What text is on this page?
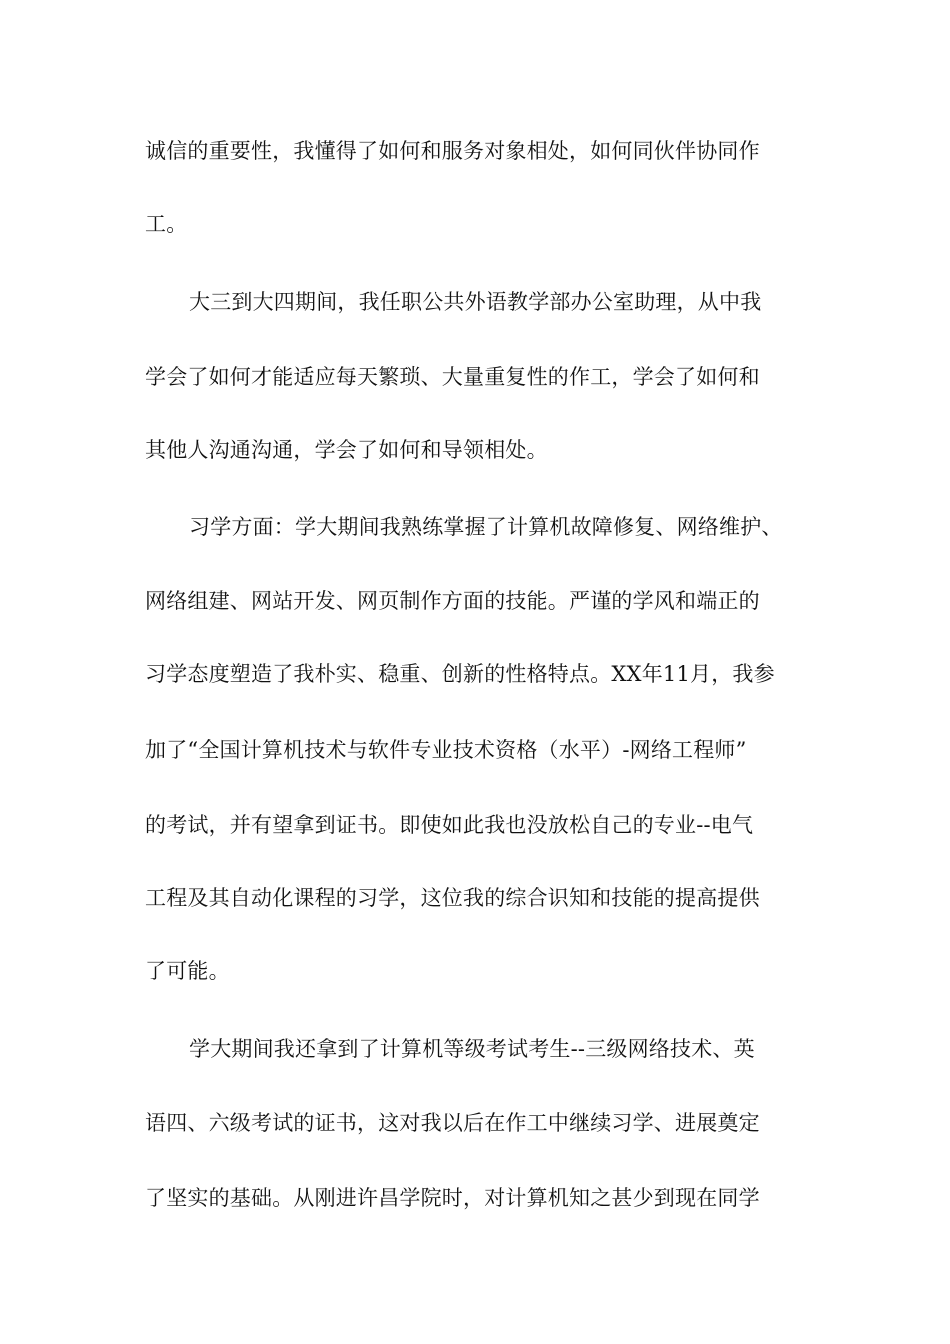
诚信的重要性，我懂得了如何和服务对象相处，如何同伙伴协同作
工。
大三到大四期间，我任职公共外语教学部办公室助理，从中我
学会了如何才能适应每天繁琐、大量重复性的作工，学会了如何和
其他人沟通沟通，学会了如何和导领相处。
习学方面：学大期间我熟练掌握了计算机故障修复、网络维护、
网络组建、网站开发、网页制作方面的技能。严谨的学风和端正的
习学态度塑造了我朴实、稳重、创新的性格特点。XX年11月，我参
加了“全国计算机技术与软件专业技术资格（水平）-网络工程师”
的考试，并有望拿到证书。即使如此我也没放松自己的专业--电气
工程及其自动化课程的习学，这位我的综合识知和技能的提高提供
了可能。
学大期间我还拿到了计算机等级考试考生--三级网络技术、英
语四、六级考试的证书，这对我以后在作工中继续习学、进展奠定
了坚实的基础。从刚进许昌学院时，对计算机知之甚少到现在同学
